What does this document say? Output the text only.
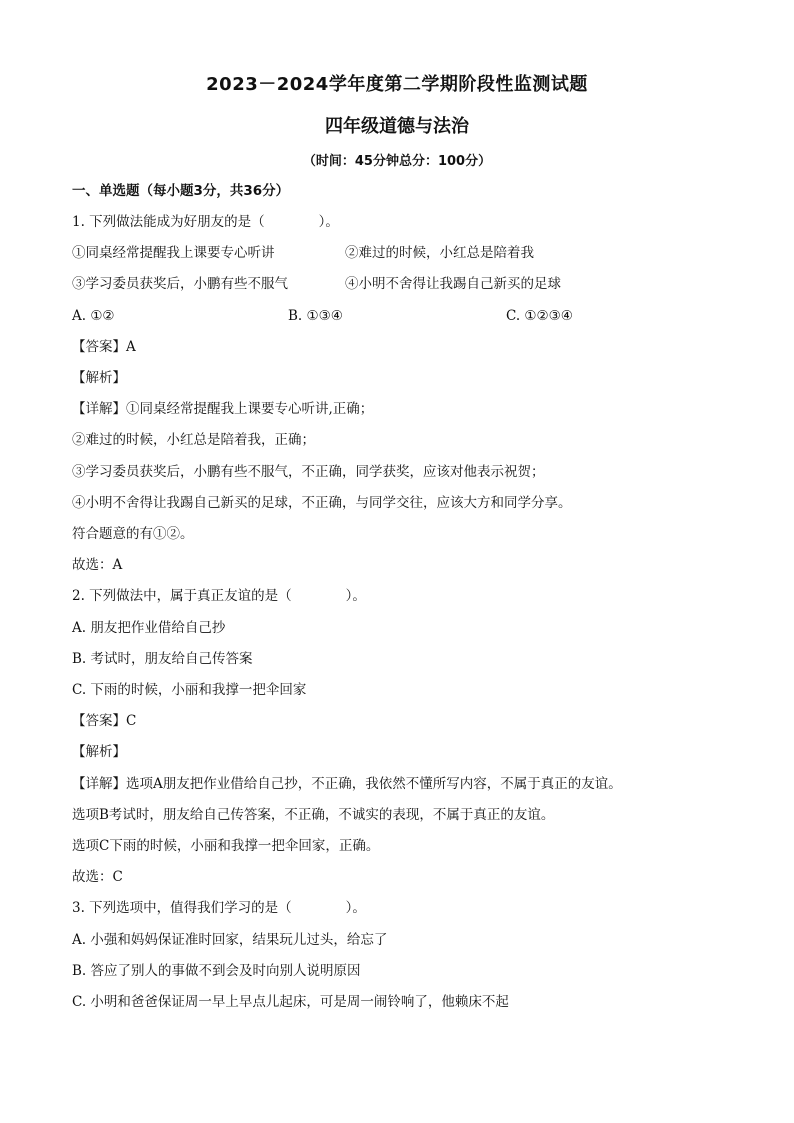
2023－2024学年度第二学期阶段性监测试题
四年级道德与法治
（时间：45分钟总分：100分）
一、单选题（每小题3分，共36分）
1. 下列做法能成为好朋友的是（　　　　）。
①同桌经常提醒我上课要专心听讲	②难过的时候，小红总是陪着我
③学习委员获奖后，小鹏有些不服气	④小明不舍得让我踢自己新买的足球
A. ①②	B. ①③④	C. ①②③④
【答案】A
【解析】
【详解】①同桌经常提醒我上课要专心听讲,正确；
②难过的时候，小红总是陪着我，正确；
③学习委员获奖后，小鹏有些不服气，不正确，同学获奖，应该对他表示祝贺；
④小明不舍得让我踢自己新买的足球，不正确，与同学交往，应该大方和同学分享。
符合题意的有①②。
故选：A
2. 下列做法中，属于真正友谊的是（　　　　）。
A. 朋友把作业借给自己抄
B. 考试时，朋友给自己传答案
C. 下雨的时候，小丽和我撑一把伞回家
【答案】C
【解析】
【详解】选项A朋友把作业借给自己抄，不正确，我依然不懂所写内容，不属于真正的友谊。
选项B考试时，朋友给自己传答案，不正确，不诚实的表现，不属于真正的友谊。
选项C下雨的时候，小丽和我撑一把伞回家，正确。
故选：C
3. 下列选项中，值得我们学习的是（　　　　）。
A. 小强和妈妈保证准时回家，结果玩儿过头，给忘了
B. 答应了别人的事做不到会及时向别人说明原因
C. 小明和爸爸保证周一早上早点儿起床，可是周一闹铃响了，他赖床不起
